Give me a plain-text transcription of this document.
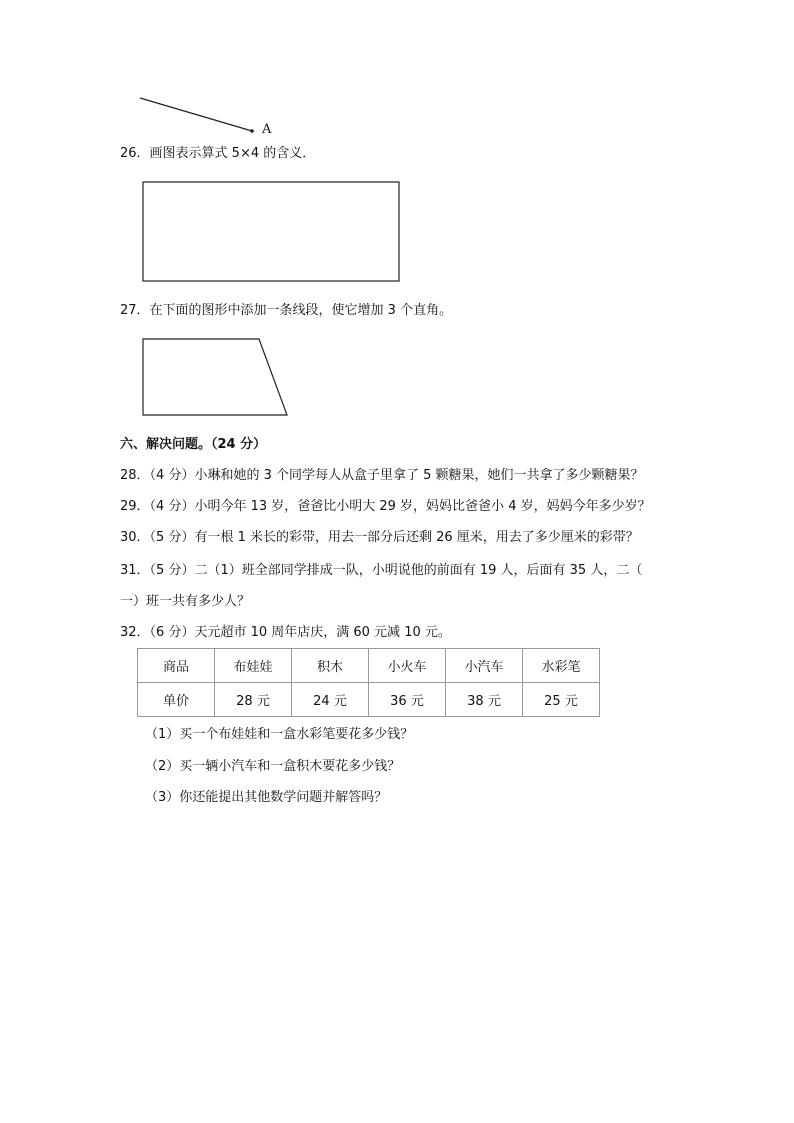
A
26．画图表示算式 5×4 的含义．
27．在下面的图形中添加一条线段，使它增加 3 个直角。
六、解决问题。（24 分）
28．（4 分）小琳和她的 3 个同学每人从盒子里拿了 5 颗糖果，她们一共拿了多少颗糖果？
29．（4 分）小明今年 13 岁，爸爸比小明大 29 岁，妈妈比爸爸小 4 岁，妈妈今年多少岁？
30．（5 分）有一根 1 米长的彩带，用去一部分后还剩 26 厘米，用去了多少厘米的彩带？
31．（5 分）二（1）班全部同学排成一队，小明说他的前面有 19 人，后面有 35 人，二（
一）班一共有多少人？
32．（6 分）天元超市 10 周年店庆，满 60 元减 10 元。
商品	布娃娃	积木	小火车	小汽车	水彩笔
单价	28 元	24 元	36 元	38 元	25 元
（1）买一个布娃娃和一盒水彩笔要花多少钱？
（2）买一辆小汽车和一盒积木要花多少钱？
（3）你还能提出其他数学问题并解答吗？
